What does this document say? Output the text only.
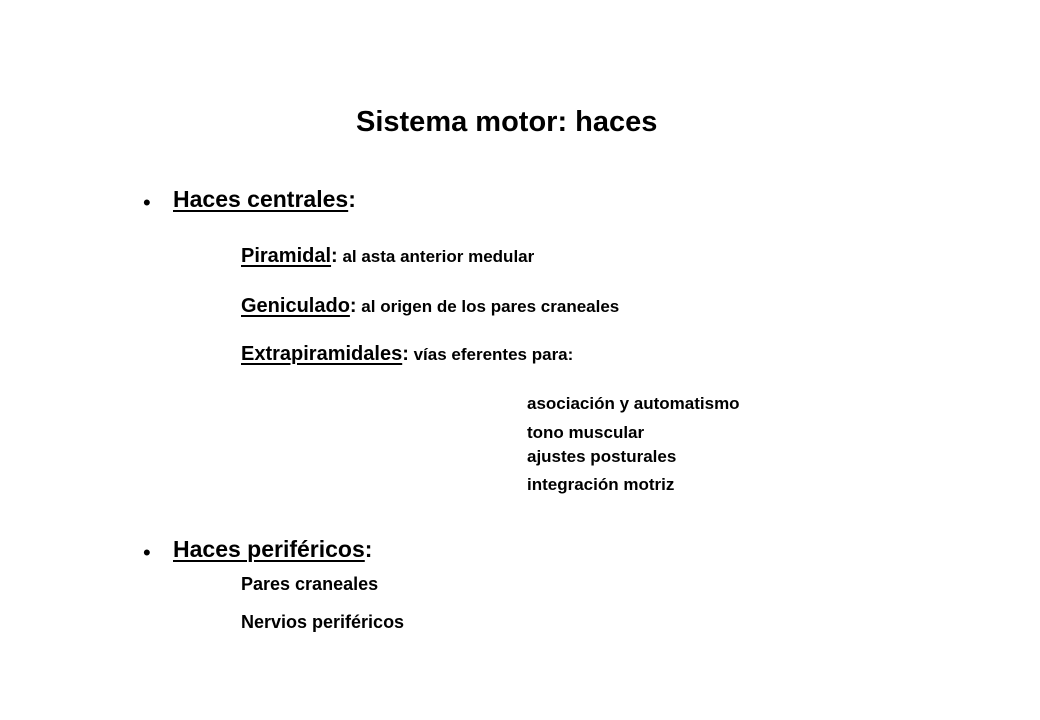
Sistema motor: haces
• Haces centrales:
Piramidal: al asta anterior medular
Geniculado: al origen de los pares craneales
Extrapiramidales: vías eferentes para:
asociación y automatismo
tono muscular
ajustes posturales
integración motriz
• Haces periféricos:
Pares craneales
Nervios periféricos
